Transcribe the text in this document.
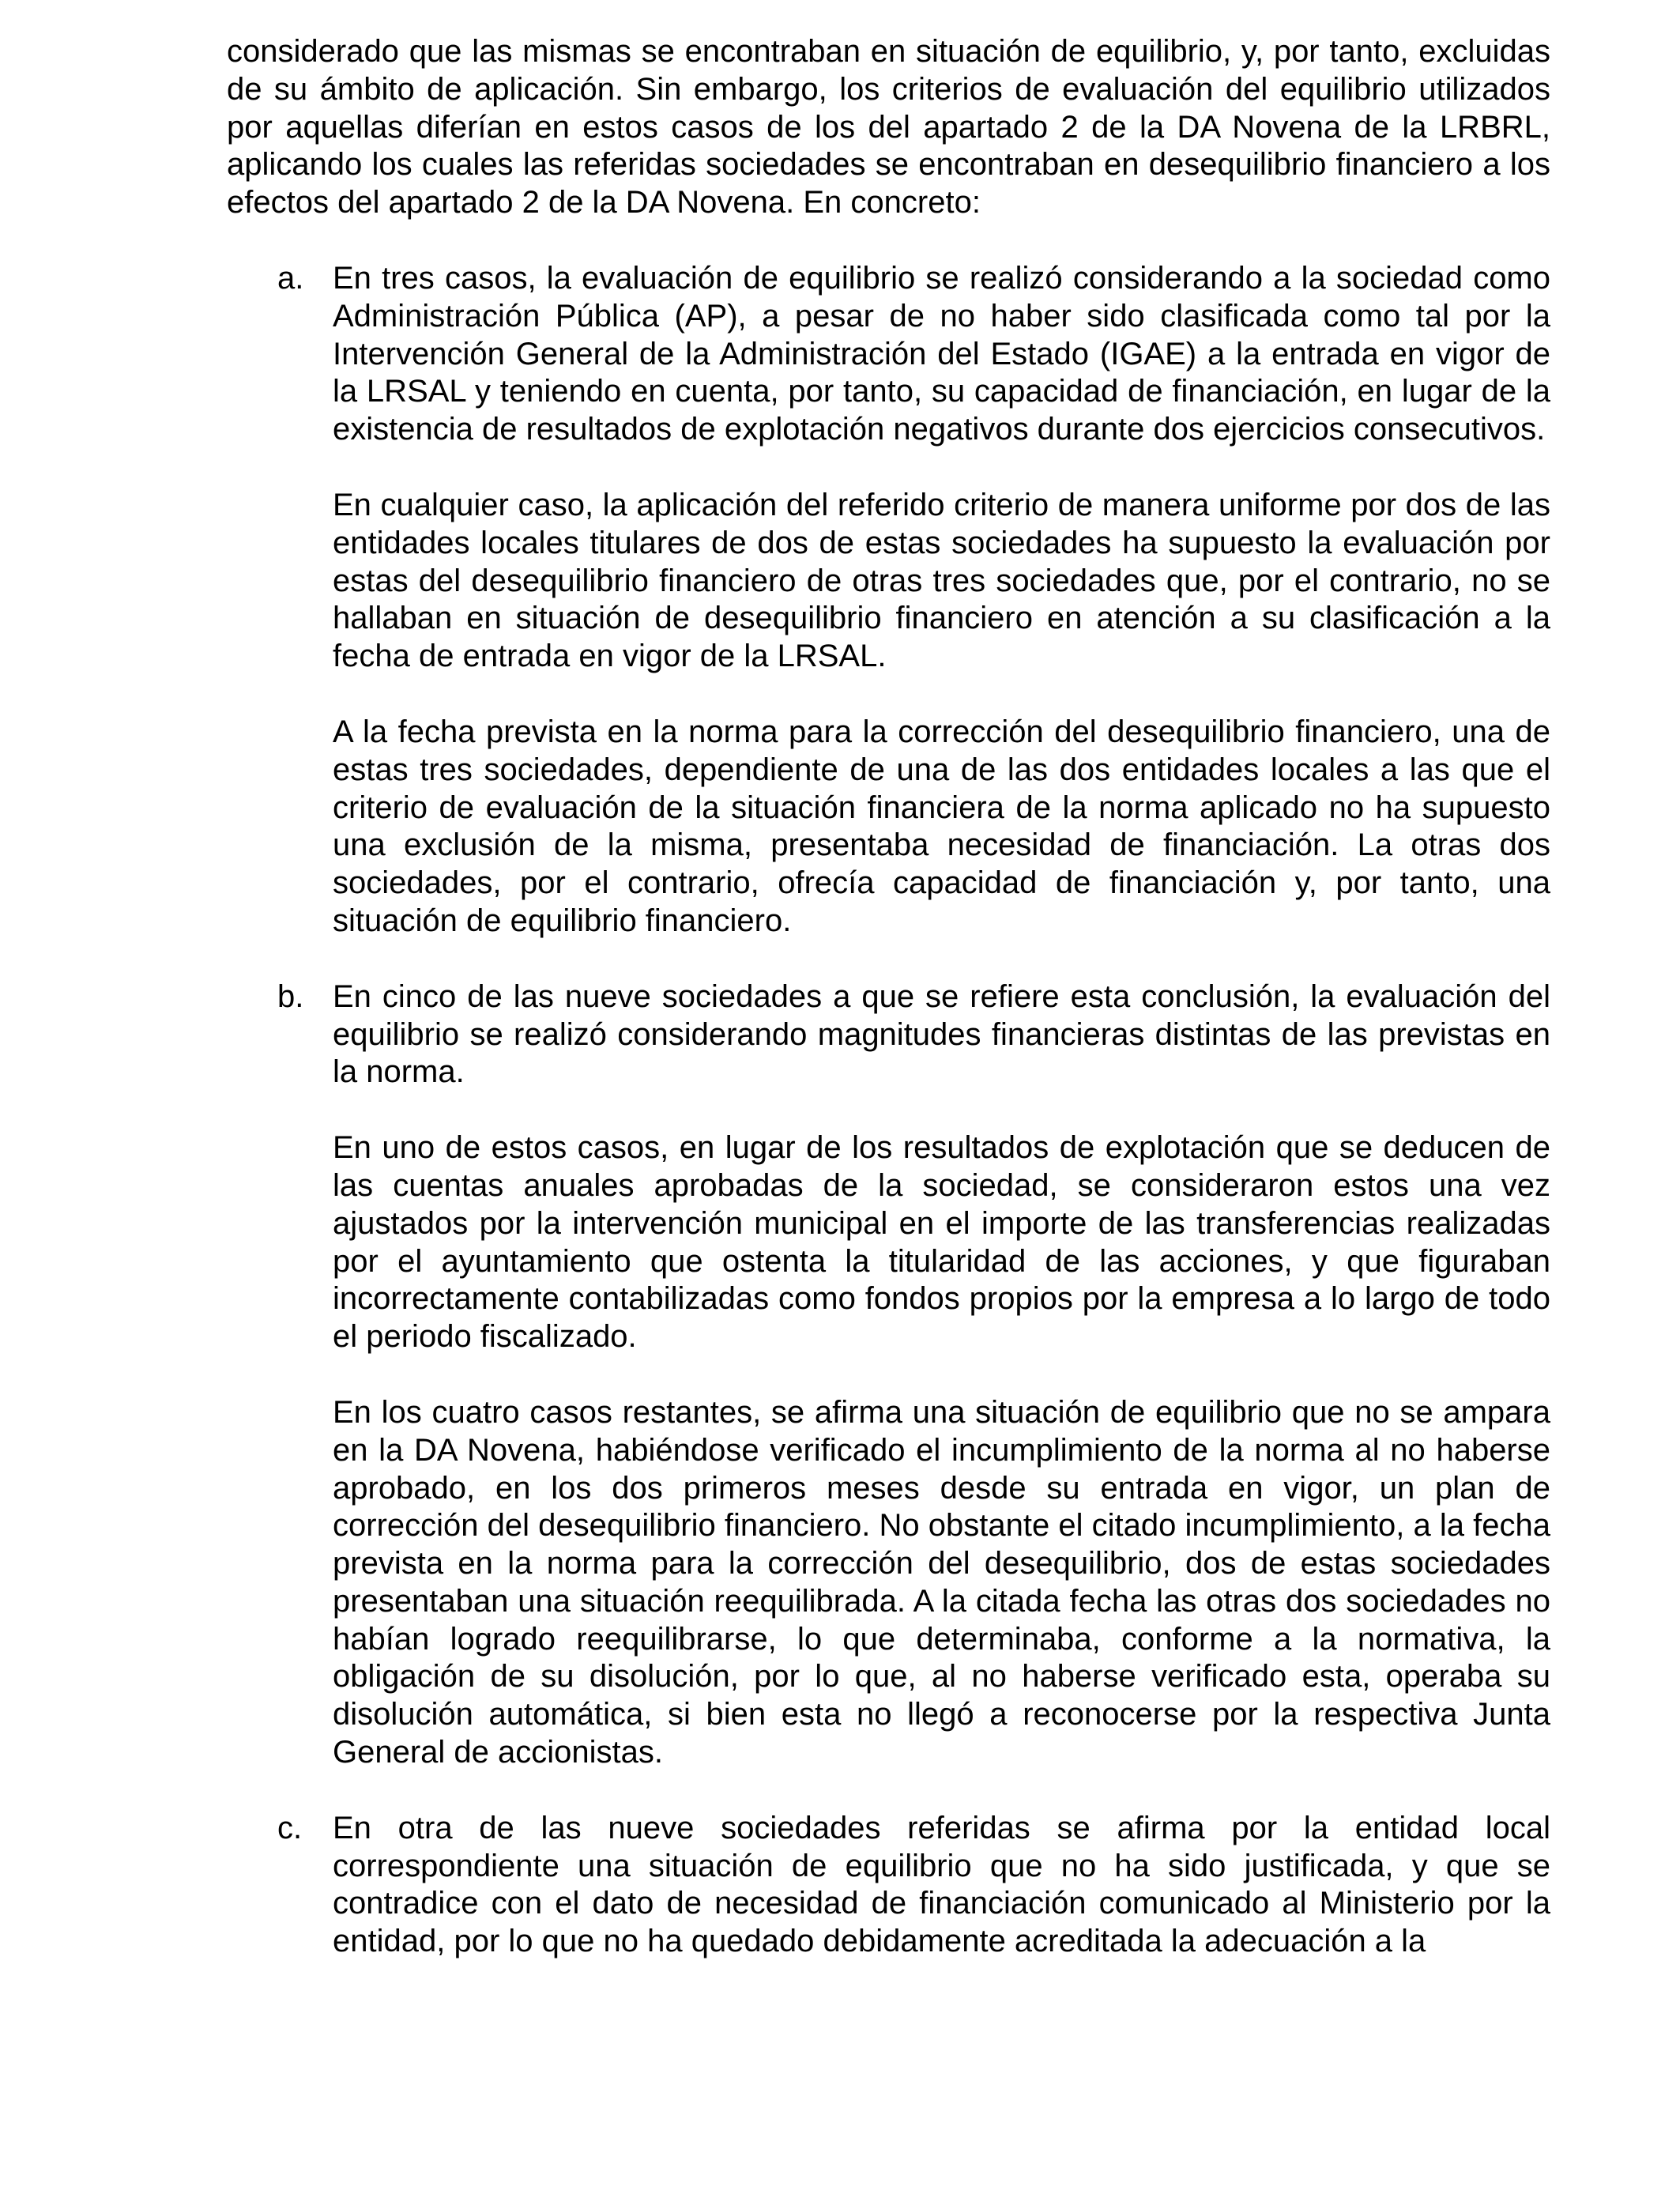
considerado que las mismas se encontraban en situación de equilibrio, y, por tanto, excluidas de su ámbito de aplicación. Sin embargo, los criterios de evaluación del equilibrio utilizados por aquellas diferían en estos casos de los del apartado 2 de la DA Novena de la LRBRL, aplicando los cuales las referidas sociedades se encontraban en desequilibrio financiero a los efectos del apartado 2 de la DA Novena. En concreto:

a. En tres casos, la evaluación de equilibrio se realizó considerando a la sociedad como Administración Pública (AP), a pesar de no haber sido clasificada como tal por la Intervención General de la Administración del Estado (IGAE) a la entrada en vigor de la LRSAL y teniendo en cuenta, por tanto, su capacidad de financiación, en lugar de la existencia de resultados de explotación negativos durante dos ejercicios consecutivos.

En cualquier caso, la aplicación del referido criterio de manera uniforme por dos de las entidades locales titulares de dos de estas sociedades ha supuesto la evaluación por estas del desequilibrio financiero de otras tres sociedades que, por el contrario, no se hallaban en situación de desequilibrio financiero en atención a su clasificación a la fecha de entrada en vigor de la LRSAL.

A la fecha prevista en la norma para la corrección del desequilibrio financiero, una de estas tres sociedades, dependiente de una de las dos entidades locales a las que el criterio de evaluación de la situación financiera de la norma aplicado no ha supuesto una exclusión de la misma, presentaba necesidad de financiación. La otras dos sociedades, por el contrario, ofrecía capacidad de financiación y, por tanto, una situación de equilibrio financiero.

b. En cinco de las nueve sociedades a que se refiere esta conclusión, la evaluación del equilibrio se realizó considerando magnitudes financieras distintas de las previstas en la norma.

En uno de estos casos, en lugar de los resultados de explotación que se deducen de las cuentas anuales aprobadas de la sociedad, se consideraron estos una vez ajustados por la intervención municipal en el importe de las transferencias realizadas por el ayuntamiento que ostenta la titularidad de las acciones, y que figuraban incorrectamente contabilizadas como fondos propios por la empresa a lo largo de todo el periodo fiscalizado.

En los cuatro casos restantes, se afirma una situación de equilibrio que no se ampara en la DA Novena, habiéndose verificado el incumplimiento de la norma al no haberse aprobado, en los dos primeros meses desde su entrada en vigor, un plan de corrección del desequilibrio financiero. No obstante el citado incumplimiento, a la fecha prevista en la norma para la corrección del desequilibrio, dos de estas sociedades presentaban una situación reequilibrada. A la citada fecha las otras dos sociedades no habían logrado reequilibrarse, lo que determinaba, conforme a la normativa, la obligación de su disolución, por lo que, al no haberse verificado esta, operaba su disolución automática, si bien esta no llegó a reconocerse por la respectiva Junta General de accionistas.

c. En otra de las nueve sociedades referidas se afirma por la entidad local correspondiente una situación de equilibrio que no ha sido justificada, y que se contradice con el dato de necesidad de financiación comunicado al Ministerio por la entidad, por lo que no ha quedado debidamente acreditada la adecuación a la
